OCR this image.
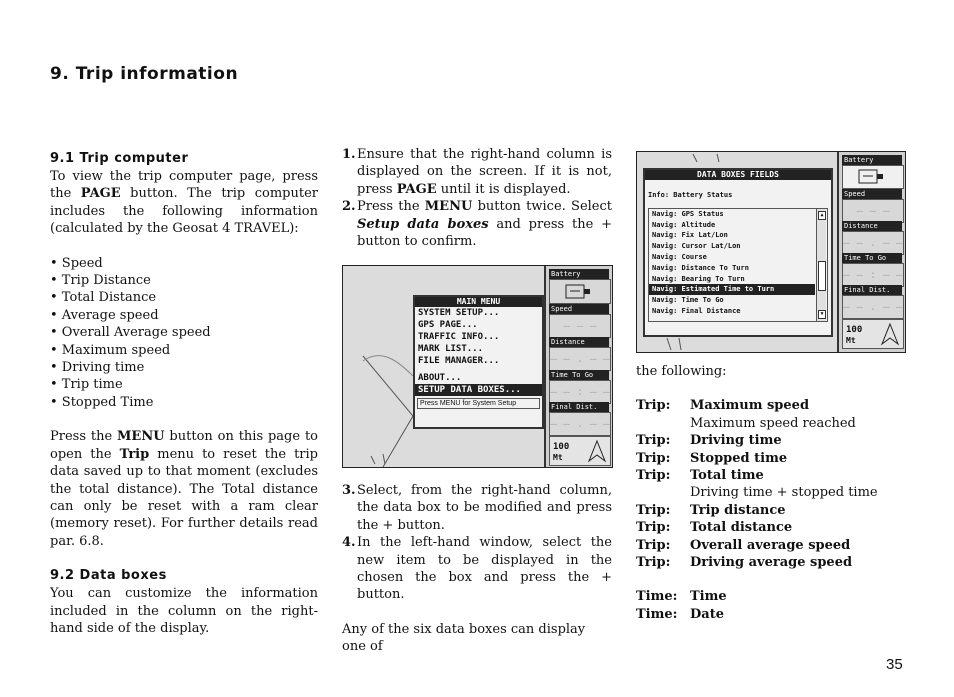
9. Trip information
9.1 Trip computer

To view the trip computer page, press the PAGE button. The trip computer includes the following information (calculated by the Geosat 4 TRAVEL):

• Speed
• Trip Distance
• Total Distance
• Average speed
• Overall Average speed
• Maximum speed
• Driving time
• Trip time
• Stopped Time

Press the MENU button on this page to open the Trip menu to reset the trip data saved up to that moment (excludes the total distance). The Total distance can only be reset with a ram clear (memory reset). For further details read par. 6.8.

9.2 Data boxes

You can customize the information included in the column on the right-hand side of the display.

1. Ensure that the right-hand column is displayed on the screen. If it is not, press PAGE until it is displayed.
2. Press the MENU button twice. Select Setup data boxes and press the + button to confirm.
3. Select, from the right-hand column, the data box to be modified and press the + button.
4. In the left-hand window, select the new item to be displayed in the chosen the box and press the + button.

Any of the six data boxes can display one of

MAIN MENU
SYSTEM SETUP...
GPS PAGE...
TRAFFIC INFO...
MARK LIST...
FILE MANAGER...
ABOUT...
SETUP DATA BOXES...
Press MENU for System Setup
Battery
Speed
— — —
Distance
— — . — —
Time To Go
— — : — —
Final Dist.
— — . — —
100
Mt
DATA BOXES FIELDS
Info: Battery Status
Navig: GPS Status
Navig: Altitude
Navig: Fix Lat/Lon
Navig: Cursor Lat/Lon
Navig: Course
Navig: Distance To Turn
Navig: Bearing To Turn
Navig: Estimated Time to Turn
Navig: Time To Go
Navig: Final Distance
▲
▼
Battery
Speed
— — —
Distance
— — . — —
Time To Go
— — : — —
Final Dist.
— — . — —
100
Mt

the following:

Trip:	Maximum speed
	Maximum speed reached
Trip:	Driving time
Trip:	Stopped time
Trip:	Total time
	Driving time + stopped time
Trip:	Trip distance
Trip:	Total distance
Trip:	Overall average speed
Trip:	Driving average speed
Time:	Time
Time:	Date
35
